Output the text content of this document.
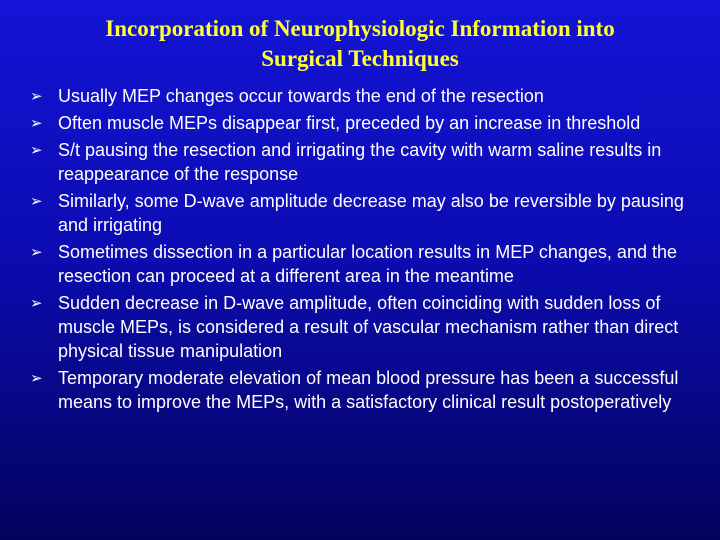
Incorporation of Neurophysiologic Information into
Surgical Techniques
➢ Usually MEP changes occur towards the end of the resection
➢ Often muscle MEPs disappear first, preceded by an increase in threshold
➢ S/t pausing the resection and irrigating the cavity with warm saline results in reappearance of the response
➢ Similarly, some D-wave amplitude decrease may also be reversible by pausing and irrigating
➢ Sometimes dissection in a particular location results in MEP changes, and the resection can proceed at a different area in the meantime
➢ Sudden decrease in D-wave amplitude, often coinciding with sudden loss of muscle MEPs, is considered a result of vascular mechanism rather than direct physical tissue manipulation
➢ Temporary moderate elevation of mean blood pressure has been a successful means to improve the MEPs, with a satisfactory clinical result postoperatively
